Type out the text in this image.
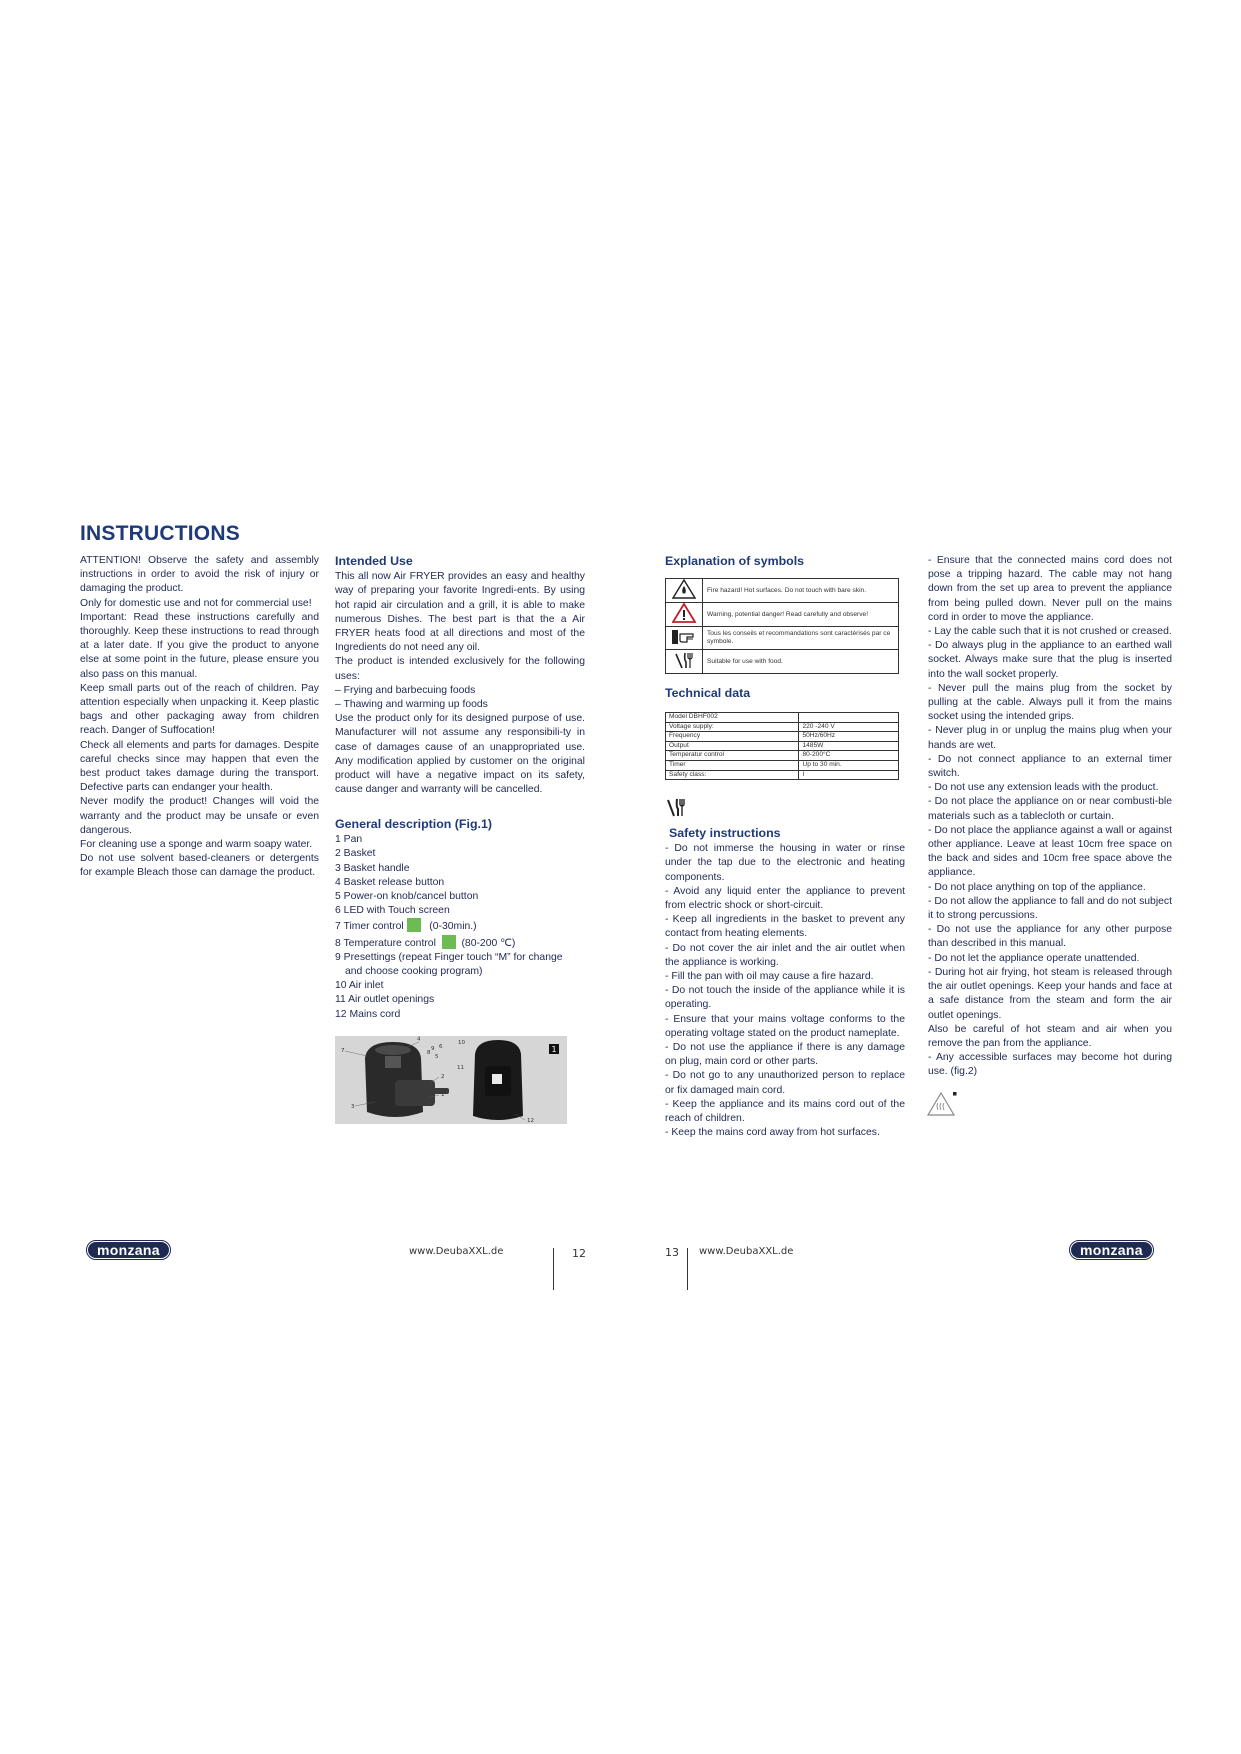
INSTRUCTIONS

ATTENTION! Observe the safety and assembly instructions in order to avoid the risk of injury or damaging the product.

Only for domestic use and not for commercial use!

Important: Read these instructions carefully and thoroughly. Keep these instructions to read through at a later date. If you give the product to anyone else at some point in the future, please ensure you also pass on this manual.

Keep small parts out of the reach of children. Pay attention especially when unpacking it. Keep plastic bags and other packaging away from children reach. Danger of Suffocation!

Check all elements and parts for damages. Despite careful checks since may happen that even the best product takes damage during the transport. Defective parts can endanger your health.

Never modify the product! Changes will void the warranty and the product may be unsafe or even dangerous.

For cleaning use a sponge and warm soapy water.

Do not use solvent based-cleaners or detergents for example Bleach those can damage the product.

Intended Use

This all now Air FRYER provides an easy and healthy way of preparing your favorite Ingredi-ents. By using hot rapid air circulation and a grill, it is able to make numerous Dishes. The best part is that the a Air FRYER heats food at all directions and most of the Ingredients do not need any oil.

The product is intended exclusively for the following uses:

– Frying and barbecuing foods

– Thawing and warming up foods

Use the product only for its designed purpose of use. Manufacturer will not assume any responsibili-ty in case of damages cause of an unappropriated use. Any modification applied by customer on the original product will have a negative impact on its safety, cause danger and warranty will be cancelled.

General description (Fig.1)

1 Pan

2 Basket

3 Basket handle

4 Basket release button

5 Power-on knob/cancel button

6 LED with Touch screen

7 Timer control (0-30min.)

8 Temperature control (80-200 ℃)

9 Presettings (repeat Finger touch “M” for change

and choose cooking program)

10 Air inlet

11 Air outlet openings

12 Mains cord

1
7
4
9 6
8
5
10
11
2
1
3
12
Explanation of symbols
	Fire hazard! Hot surfaces. Do not touch with bare skin.
	Warning, potential danger! Read carefully and observe!
	Tous les conseils et recommandations sont caractérisés par ce symbole.
	Suitable for use with food.
Technical data
Model DBHF002	
Voltage supply:	220 -240 V
Frequency	50Hz/60Hz
Output	1485W
Temperatur control	80-200°C
Timer	Up to 30 min.
Safety class:	I
Safety instructions

- Do not immerse the housing in water or rinse under the tap due to the electronic and heating components.

- Avoid any liquid enter the appliance to prevent from electric shock or short-circuit.

- Keep all ingredients in the basket to prevent any contact from heating elements.

- Do not cover the air inlet and the air outlet when the appliance is working.

- Fill the pan with oil may cause a fire hazard.

- Do not touch the inside of the appliance while it is operating.

- Ensure that your mains voltage conforms to the operating voltage stated on the product nameplate.

- Do not use the appliance if there is any damage on plug, main cord or other parts.

- Do not go to any unauthorized person to replace or fix damaged main cord.

- Keep the appliance and its mains cord out of the reach of children.

- Keep the mains cord away from hot surfaces.

- Ensure that the connected mains cord does not pose a tripping hazard. The cable may not hang down from the set up area to prevent the appliance from being pulled down. Never pull on the mains cord in order to move the appliance.

- Lay the cable such that it is not crushed or creased.

- Do always plug in the appliance to an earthed wall socket. Always make sure that the plug is inserted into the wall socket properly.

- Never pull the mains plug from the socket by pulling at the cable. Always pull it from the mains socket using the intended grips.

- Never plug in or unplug the mains plug when your hands are wet.

- Do not connect appliance to an external timer switch.

- Do not use any extension leads with the product.

- Do not place the appliance on or near combusti-ble materials such as a tablecloth or curtain.

- Do not place the appliance against a wall or against other appliance. Leave at least 10cm free space on the back and sides and 10cm free space above the appliance.

- Do not place anything on top of the appliance.

- Do not allow the appliance to fall and do not subject it to strong percussions.

- Do not use the appliance for any other purpose than described in this manual.

- Do not let the appliance operate unattended.

- During hot air frying, hot steam is released through the air outlet openings. Keep your hands and face at a safe distance from the steam and form the air outlet openings.

Also be careful of hot steam and air when you remove the pan from the appliance.

- Any accessible surfaces may become hot during use. (fig.2)

monzana	www.DeubaXXL.de	12	13 www.DeubaXXL.de	monzana
